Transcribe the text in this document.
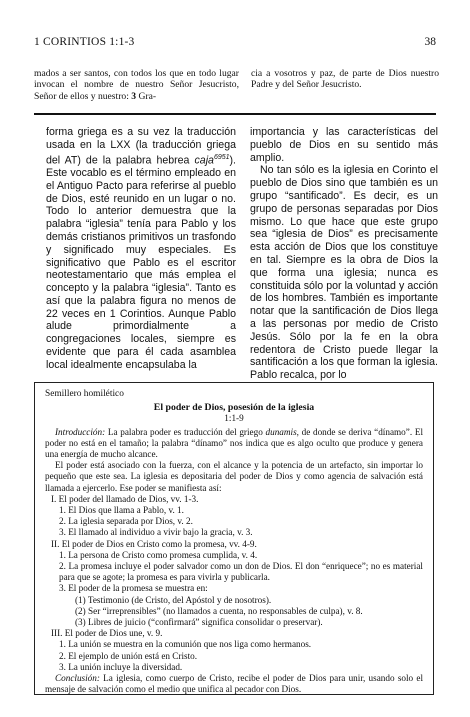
1 CORINTIOS 1:1-3	38
mados a ser santos, con todos los que en todo lugar invocan el nombre de nuestro Señor Jesucristo, Señor de ellos y nuestro: 3 Gra-
cia a vosotros y paz, de parte de Dios nuestro Padre y del Señor Jesucristo.
forma griega es a su vez la traducción usada en la LXX (la traducción griega del AT) de la palabra hebrea caja$^{6951}$). Este vocablo es el término empleado en el Antiguo Pacto para referirse al pueblo de Dios, esté reunido en un lugar o no. Todo lo anterior demuestra que la palabra “iglesia” tenía para Pablo y los demás cristianos primitivos un trasfondo y significado muy especiales. Es significativo que Pablo es el escritor neotestamentario que más emplea el concepto y la palabra “iglesia”. Tanto es así que la palabra figura no menos de 22 veces en 1 Corintios. Aunque Pablo alude primordialmente a congregaciones locales, siempre es evidente que para él cada asamblea local idealmente encapsulaba la
importancia y las características del pueblo de Dios en su sentido más amplio.
No tan sólo es la iglesia en Corinto el pueblo de Dios sino que también es un grupo “santificado”. Es decir, es un grupo de personas separadas por Dios mismo. Lo que hace que este grupo sea “iglesia de Dios” es precisamente esta acción de Dios que los constituye en tal. Siempre es la obra de Dios la que forma una iglesia; nunca es constituida sólo por la voluntad y acción de los hombres. También es importante notar que la santificación de Dios llega a las personas por medio de Cristo Jesús. Sólo por la fe en la obra redentora de Cristo puede llegar la santificación a los que forman la iglesia. Pablo recalca, por lo
Semillero homilético
El poder de Dios, posesión de la iglesia
1:1-9

Introducción: La palabra poder es traducción del griego dunamis, de donde se deriva “dínamo”. El poder no está en el tamaño; la palabra “dínamo” nos indica que es algo oculto que produce y genera una energía de mucho alcance.

El poder está asociado con la fuerza, con el alcance y la potencia de un artefacto, sin importar lo pequeño que este sea. La iglesia es depositaria del poder de Dios y como agencia de salvación está llamada a ejercerlo. Ese poder se manifiesta así:

I. El poder del llamado de Dios, vv. 1-3.

1. El Dios que llama a Pablo, v. 1.

2. La iglesia separada por Dios, v. 2.

3. El llamado al individuo a vivir bajo la gracia, v. 3.

II. El poder de Dios en Cristo como la promesa, vv. 4-9.

1. La persona de Cristo como promesa cumplida, v. 4.

2. La promesa incluye el poder salvador como un don de Dios. El don “enriquece”; no es material para que se agote; la promesa es para vivirla y publicarla.

3. El poder de la promesa se muestra en:

(1) Testimonio (de Cristo, del Apóstol y de nosotros).

(2) Ser “irreprensibles” (no llamados a cuenta, no responsables de culpa), v. 8.

(3) Libres de juicio (“confirmará” significa consolidar o preservar).

III. El poder de Dios une, v. 9.

1. La unión se muestra en la comunión que nos liga como hermanos.

2. El ejemplo de unión está en Cristo.

3. La unión incluye la diversidad.

Conclusión: La iglesia, como cuerpo de Cristo, recibe el poder de Dios para unir, usando solo el mensaje de salvación como el medio que unifica al pecador con Dios.
